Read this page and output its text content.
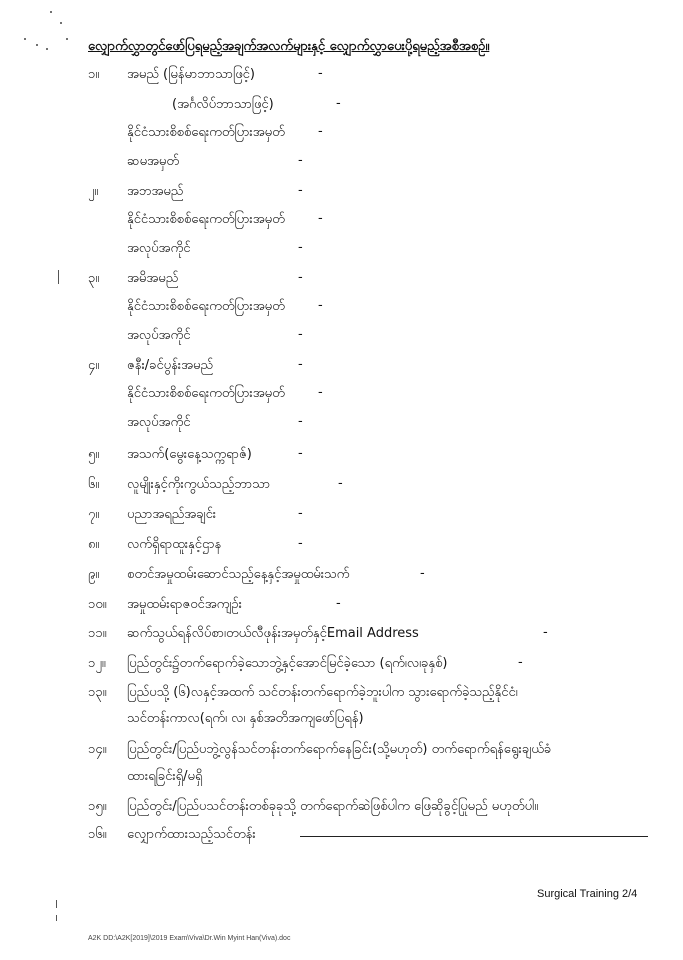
လျှောက်လွှာတွင်ဖော်ပြရမည့်အချက်အလက်များနှင့် လျှောက်လွှာပေးပို့ရမည့်အစီအစဉ်။
၁။ အမည် (မြန်မာဘာသာဖြင့်)	-
(အင်္ဂလိပ်ဘာသာဖြင့်)	-
နိုင်ငံသားစိစစ်ရေးကတ်ပြားအမှတ်	-
ဆမအမှတ်	-
၂။ အဘအမည်	-
နိုင်ငံသားစိစစ်ရေးကတ်ပြားအမှတ်	-
အလုပ်အကိုင်	-
၃။ အမိအမည်	-
နိုင်ငံသားစိစစ်ရေးကတ်ပြားအမှတ်	-
အလုပ်အကိုင်	-
၄။ ဇနီး/ခင်ပွန်းအမည်	-
နိုင်ငံသားစိစစ်ရေးကတ်ပြားအမှတ်	-
အလုပ်အကိုင်	-
၅။ အသက်(မွေးနေ့သက္ကရာဇ်)	-
၆။ လူမျိုးနှင့်ကိုးကွယ်သည့်ဘာသာ	-
၇။ ပညာအရည်အချင်း	-
၈။ လက်ရှိရာထူးနှင့်ဌာန	-
၉။ စတင်အမှုထမ်းဆောင်သည့်နေ့နှင့်အမှုထမ်းသက်	-
၁၀။ အမှုထမ်းရာဇဝင်အကျဉ်း	-
၁၁။ ဆက်သွယ်ရန်လိပ်စာ၊တယ်လီဖုန်းအမှတ်နှင့်Email Address	-
၁၂။ ပြည်တွင်း၌တက်ရောက်ခဲ့သောဘွဲ့နှင့်အောင်မြင်ခဲ့သော (ရက်၊လ၊ခုနှစ်)	-
၁၃။ ပြည်ပသို့ (၆)လနှင့်အထက် သင်တန်းတက်ရောက်ခဲ့ဘူးပါက သွားရောက်ခဲ့သည့်နိုင်ငံ၊
သင်တန်းကာလ(ရက်၊ လ၊ နှစ်အတိအကျဖော်ပြရန်)
၁၄။ ပြည်တွင်း/ပြည်ပဘွဲ့လွန်သင်တန်းတက်ရောက်နေခြင်း(သို့မဟုတ်) တက်ရောက်ရန်ရွေးချယ်ခံ
ထားရခြင်းရှိ/မရှိ
၁၅။ ပြည်တွင်း/ပြည်ပသင်တန်းတစ်ခုခုသို့ တက်ရောက်ဆဲဖြစ်ပါက ဖြေဆိုခွင့်ပြုမည် မဟုတ်ပါ။
၁၆။ လျှောက်ထားသည့်သင်တန်း
Surgical Training 2/4
A2K DD:\A2K[2019]\2019 Exam\Viva\Dr.Win Myint Han(Viva).doc
